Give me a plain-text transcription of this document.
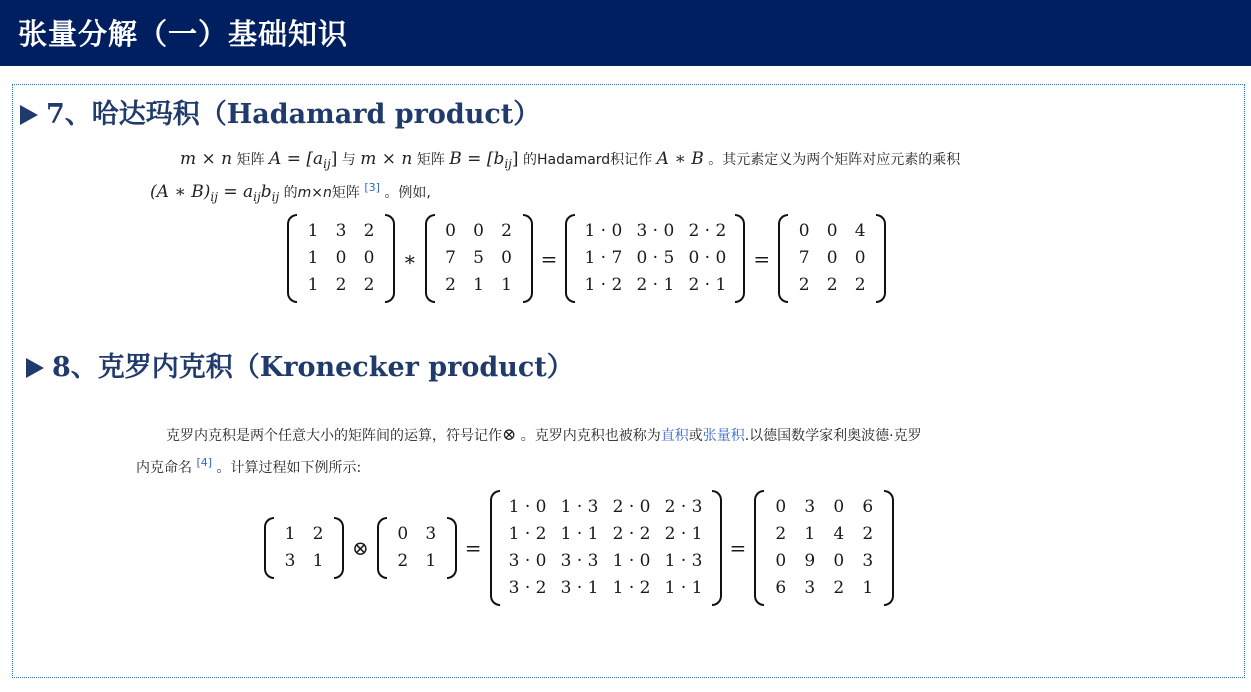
张量分解（一）基础知识
7、哈达玛积（Hadamard product）
m × n 矩阵 $A = [a_{ij}]$ 与 m × n 矩阵 $B = [b_{ij}]$ 的Hadamard积记作 A ∗ B 。其元素定义为两个矩阵对应元素的乘积
(A ∗ $B)_{ij} = a_{ij}b_{ij}$ 的m×n矩阵 [3] 。例如,
1	3	2
1	0	0
1	2	2
∗
0	0	2
7	5	0
2	1	1
=
1 · 0 3 · 0 2 · 2
1 · 7 0 · 5 0 · 0
1 · 2 2 · 1 2 · 1
=
0	0	4
7	0	0
2	2	2
8、克罗内克积（Kronecker product）
克罗内克积是两个任意大小的矩阵间的运算，符号记作⊗ 。克罗内克积也被称为直积或张量积.以德国数学家利奥波德·克罗
内克命名 [4] 。计算过程如下例所示:
1	2
3	1
⊗
0	3
2	1
=
1 · 0 1 · 3 2 · 0 2 · 3
1 · 2 1 · 1 2 · 2 2 · 1
3 · 0 3 · 3 1 · 0 1 · 3
3 · 2 3 · 1 1 · 2 1 · 1
=
0	3	0	6
2	1	4	2
0	9	0	3
6	3	2	1
